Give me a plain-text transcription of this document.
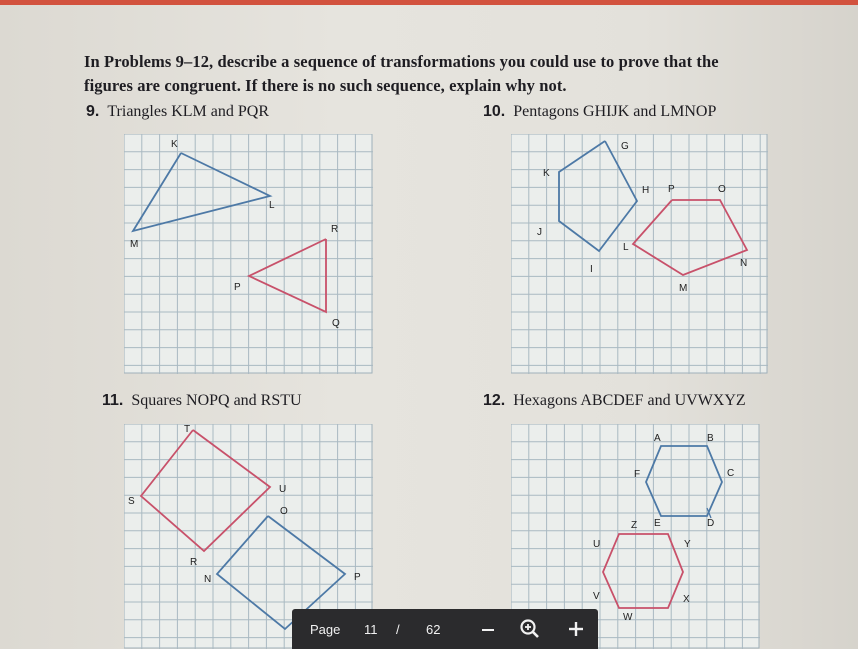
In Problems 9–12, describe a sequence of transformations you could use to prove that the figures are congruent. If there is no such sequence, explain why not.
9. Triangles KLM and PQR	10. Pentagons GHIJK and LMNOP
11. Squares NOPQ and RSTU	12. Hexagons ABCDEF and UVWXYZ
K
L
M
R
P
Q
G
K
H P	O
J
L
I
N
M
T
U
S
O
R
N	P
A	B
F	C
Z E	D
U	Y
V	X
W
Page 11 / 62
